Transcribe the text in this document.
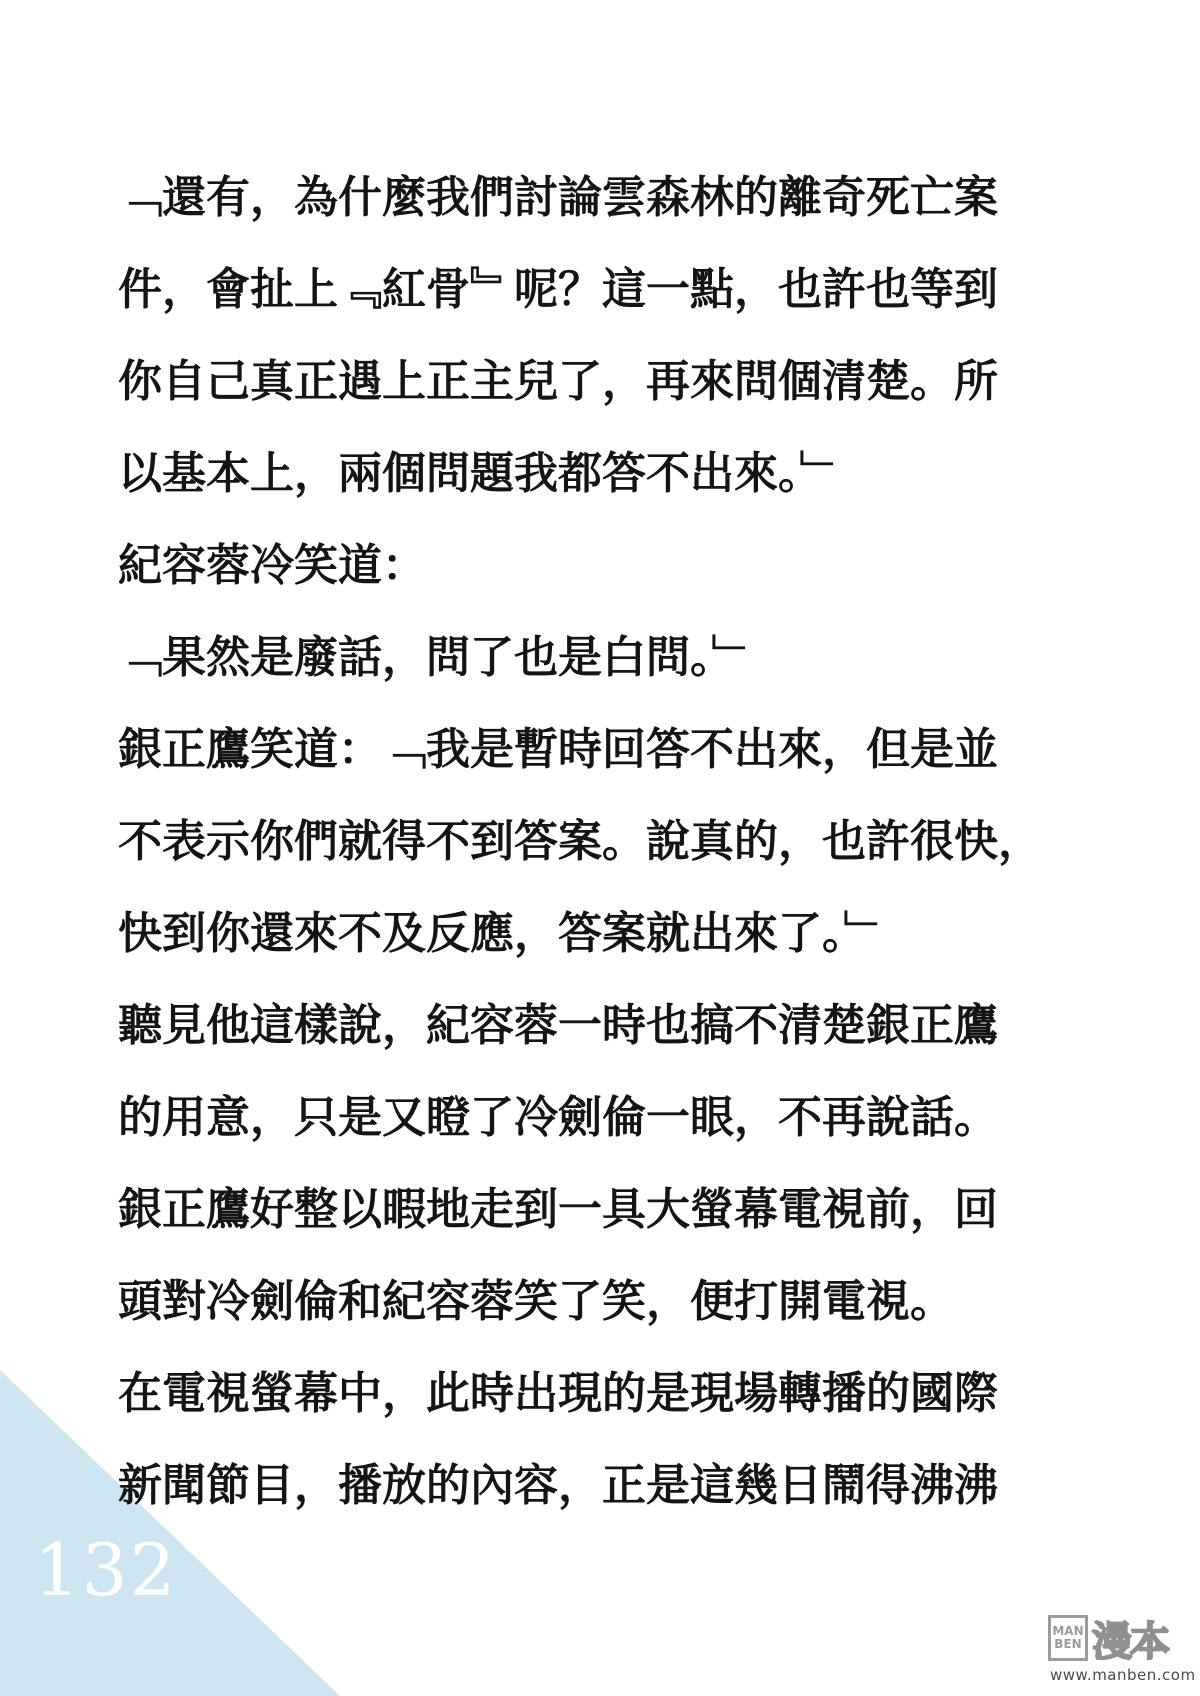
﹁還有，為什麼我們討論雲森林的離奇死亡案
件，會扯上﹃紅骨﹄呢？這一點，也許也等到
你自己真正遇上正主兒了，再來問個清楚。所
以基本上，兩個問題我都答不出來。﹂

紀容蓉冷笑道：

﹁果然是廢話，問了也是白問。﹂

銀正鷹笑道：﹁我是暫時回答不出來，但是並
不表示你們就得不到答案。說真的，也許很快，
快到你還來不及反應，答案就出來了。﹂

聽見他這樣說，紀容蓉一時也搞不清楚銀正鷹
的用意，只是又瞪了冷劍倫一眼，不再說話。

銀正鷹好整以暇地走到一具大螢幕電視前，回
頭對冷劍倫和紀容蓉笑了笑，便打開電視。

在電視螢幕中，此時出現的是現場轉播的國際
新聞節目，播放的內容，正是這幾日鬧得沸沸

132
MAN
BEN 漫本
www.manben.com
